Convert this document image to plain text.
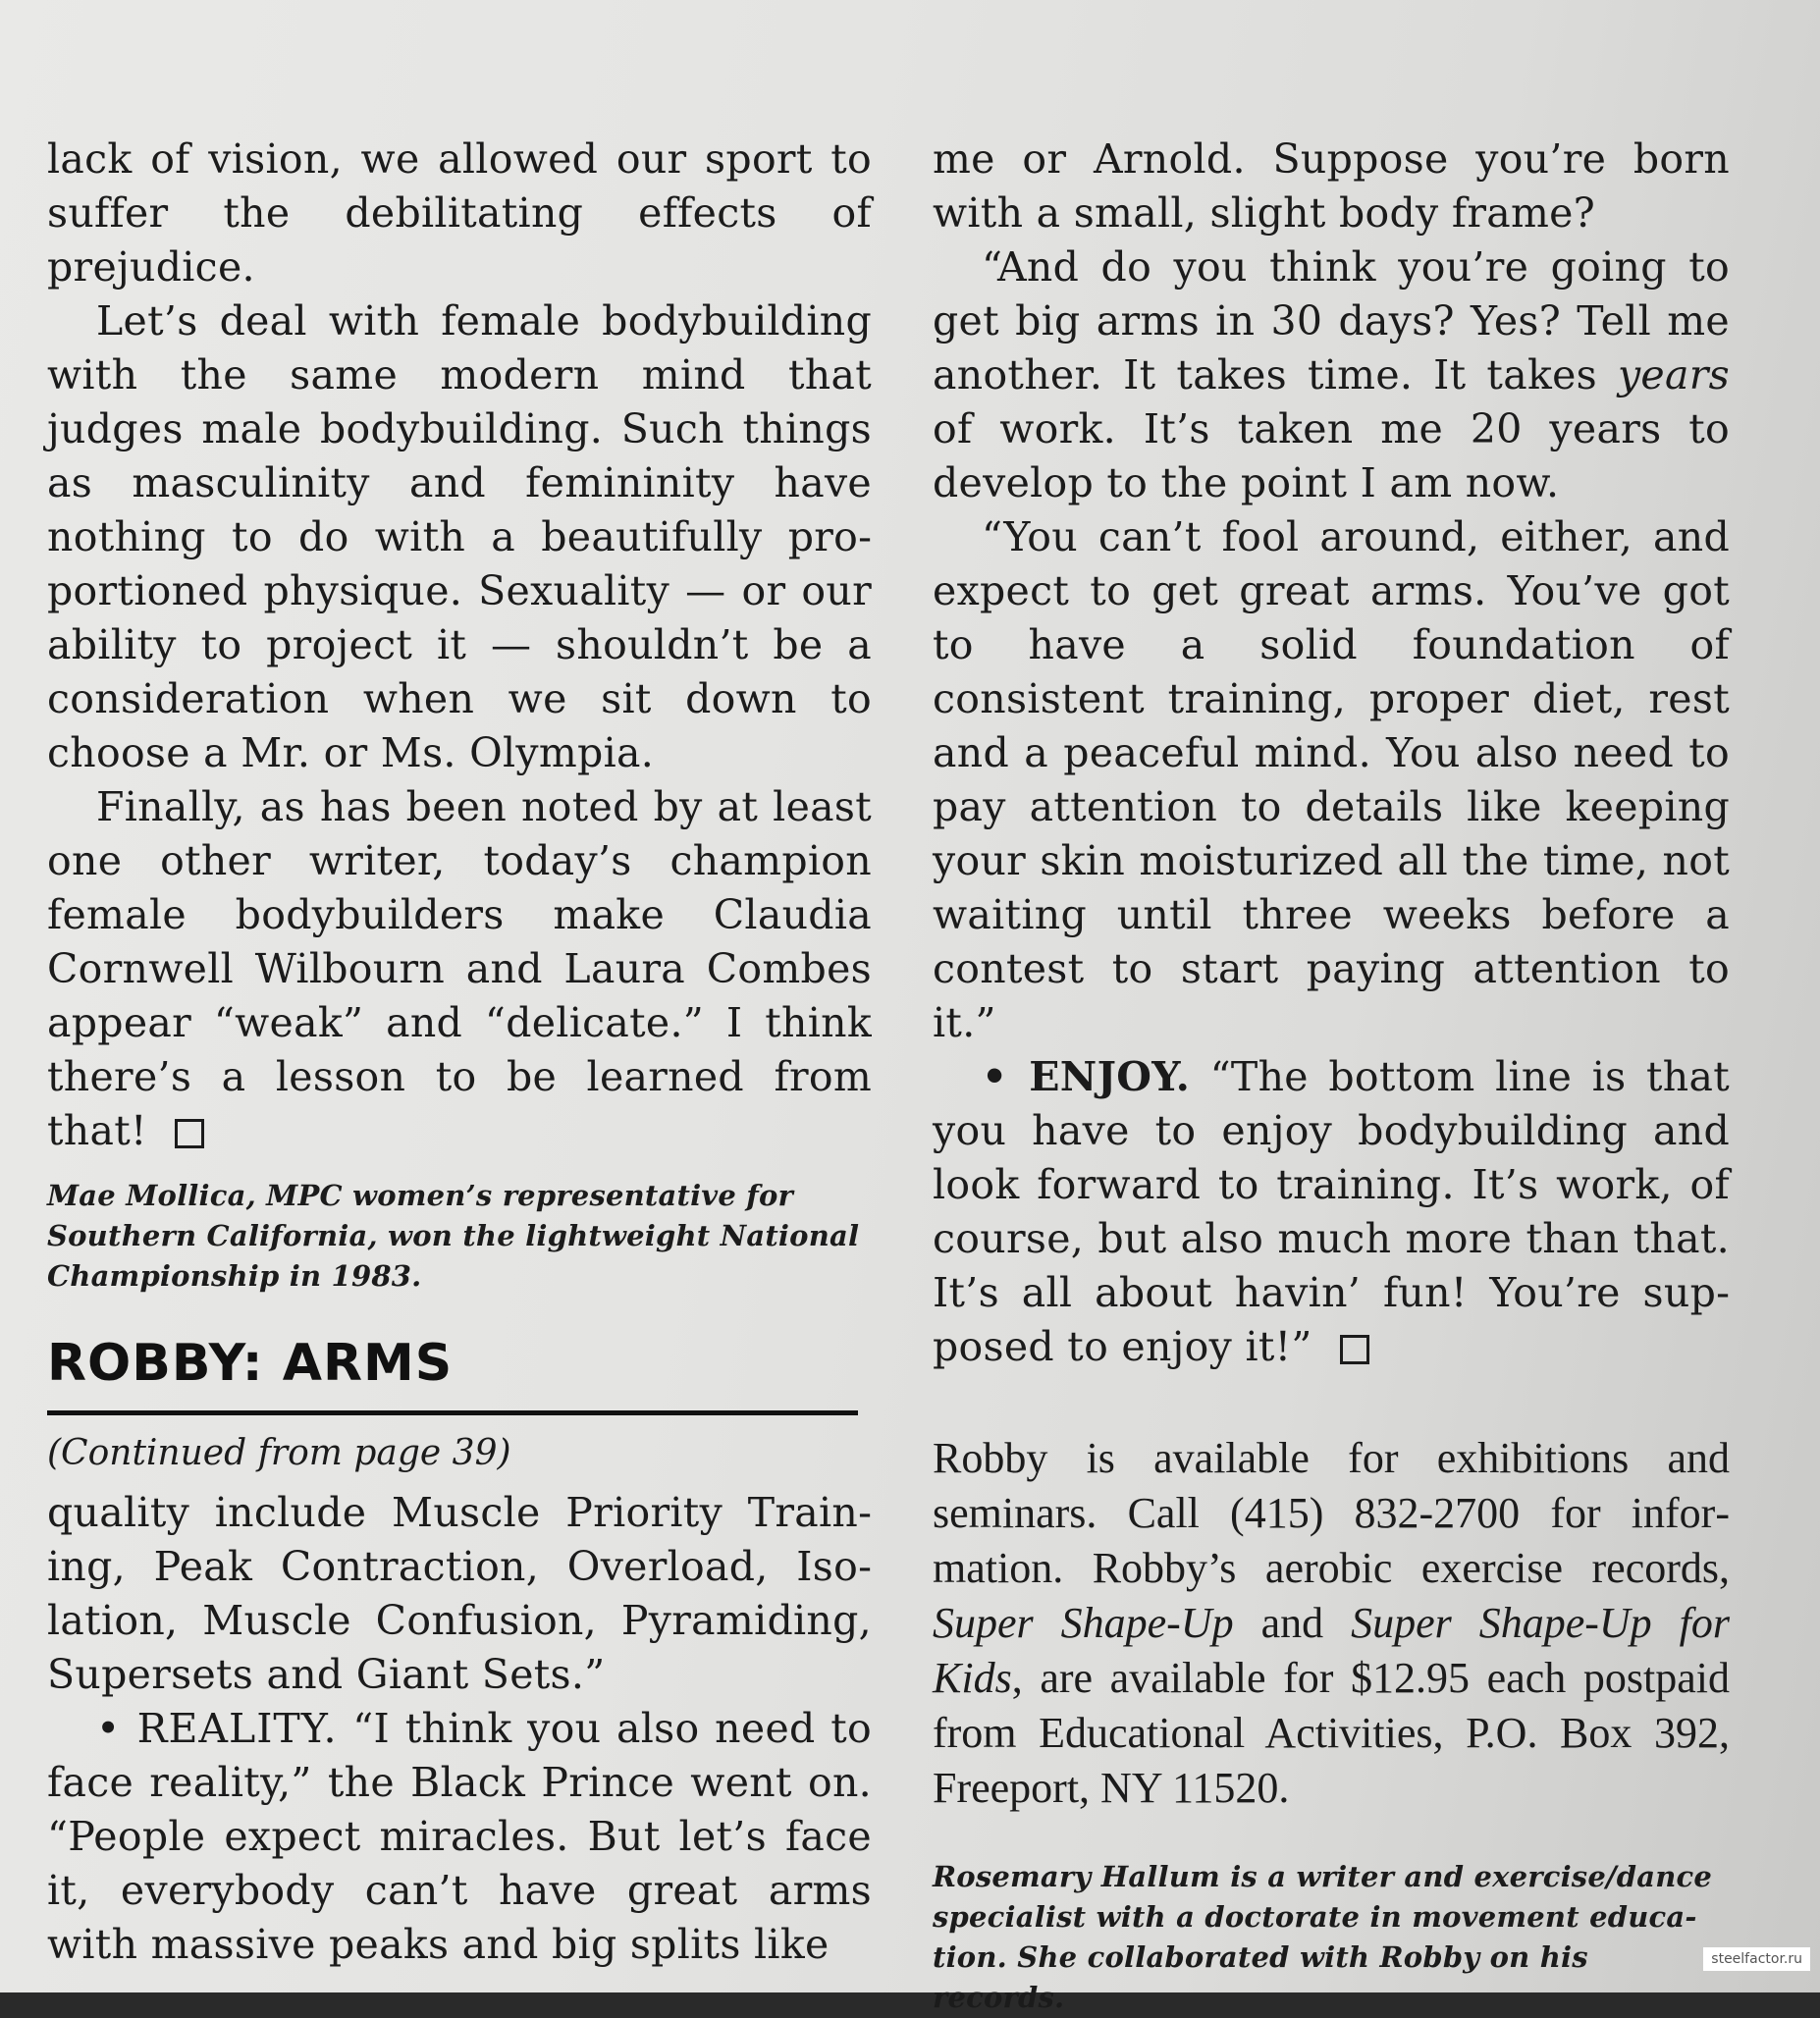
lack of vision, we allowed our sport to suffer the debilitating effects of prejudice.

Let’s deal with female bodybuilding with the same modern mind that judges male bodybuilding. Such things as masculinity and femininity have nothing to do with a beautifully proportioned physique. Sexuality — or our ability to project it — shouldn’t be a consideration when we sit down to choose a Mr. or Ms. Olympia.

Finally, as has been noted by at least one other writer, today’s champion female bodybuilders make Claudia Cornwell Wilbourn and Laura Combes appear “weak” and “delicate.” I think there’s a lesson to be learned from that!

Mae Mollica, MPC women’s representative for Southern California, won the lightweight National Championship in 1983.

ROBBY: ARMS

(Continued from page 39)

quality include Muscle Priority Training, Peak Contraction, Overload, Isolation, Muscle Confusion, Pyramiding, Supersets and Giant Sets.”

• REALITY. “I think you also need to face reality,” the Black Prince went on. “People expect miracles. But let’s face it, everybody can’t have great arms with massive peaks and big splits like

me or Arnold. Suppose you’re born with a small, slight body frame?

“And do you think you’re going to get big arms in 30 days? Yes? Tell me another. It takes time. It takes years of work. It’s taken me 20 years to develop to the point I am now.

“You can’t fool around, either, and expect to get great arms. You’ve got to have a solid foundation of consistent training, proper diet, rest and a peaceful mind. You also need to pay attention to details like keeping your skin moisturized all the time, not waiting until three weeks before a contest to start paying attention to it.”

• ENJOY. “The bottom line is that you have to enjoy bodybuilding and look forward to training. It’s work, of course, but also much more than that. It’s all about havin’ fun! You’re supposed to enjoy it!”

Robby is available for exhibitions and seminars. Call (415) 832-2700 for information. Robby’s aerobic exercise records, Super Shape-Up and Super Shape-Up for Kids, are available for $12.95 each postpaid from Educational Activities, P.O. Box 392, Freeport, NY 11520.

Rosemary Hallum is a writer and exercise/dance specialist with a doctorate in movement education. She collaborated with Robby on his records.

steelfactor.ru
